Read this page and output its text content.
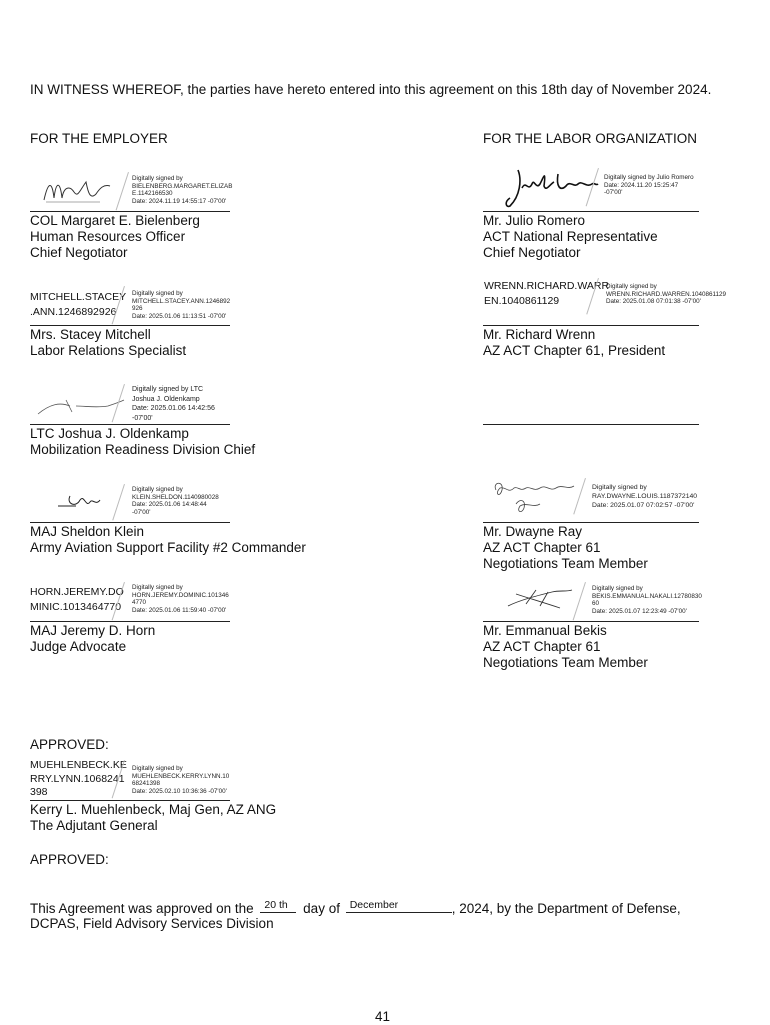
IN WITNESS WHEREOF, the parties have hereto entered into this agreement on this 18th day of November 2024.
FOR THE EMPLOYER	FOR THE LABOR ORGANIZATION
Digitally signed by
BIELENBERG.MARGARET.ELIZAB
E.1142166530
Date: 2024.11.19 14:55:17 -07'00'
COL Margaret E. Bielenberg
Human Resources Officer
Chief Negotiator
Digitally signed by Julio Romero
Date: 2024.11.20 15:25:47
-07'00'
Mr. Julio Romero
ACT National Representative
Chief Negotiator
MITCHELL.STACEY
.ANN.1246892926
Digitally signed by
MITCHELL.STACEY.ANN.1246892
926
Date: 2025.01.06 11:13:51 -07'00'
Mrs. Stacey Mitchell
Labor Relations Specialist
WRENN.RICHARD.WARR
EN.1040861129
Digitally signed by
WRENN.RICHARD.WARREN.1040861129
Date: 2025.01.08 07:01:38 -07'00'
Mr. Richard Wrenn
AZ ACT Chapter 61, President
Digitally signed by LTC
Joshua J. Oldenkamp
Date: 2025.01.06 14:42:56
-07'00'
LTC Joshua J. Oldenkamp
Mobilization Readiness Division Chief
Digitally signed by
KLEIN.SHELDON.1140980028
Date: 2025.01.06 14:48:44
-07'00'
MAJ Sheldon Klein
Army Aviation Support Facility #2 Commander
Digitally signed by
RAY.DWAYNE.LOUIS.1187372140
Date: 2025.01.07 07:02:57 -07'00'
Mr. Dwayne Ray
AZ ACT Chapter 61
Negotiations Team Member
HORN.JEREMY.DO
MINIC.1013464770
Digitally signed by
HORN.JEREMY.DOMINIC.101346
4770
Date: 2025.01.06 11:59:40 -07'00'
MAJ Jeremy D. Horn
Judge Advocate
Digitally signed by
BEKIS.EMMANUAL.NAKALI.12780830
60
Date: 2025.01.07 12:23:49 -07'00'
Mr. Emmanual Bekis
AZ ACT Chapter 61
Negotiations Team Member
APPROVED:
MUEHLENBECK.KE
RRY.LYNN.1068241
398
Digitally signed by
MUEHLENBECK.KERRY.LYNN.10
68241398
Date: 2025.02.10 10:36:36 -07'00'
Kerry L. Muehlenbeck, Maj Gen, AZ ANG
The Adjutant General
APPROVED:
This Agreement was approved on the 20 th day of December	, 2024, by the Department of Defense,
DCPAS, Field Advisory Services Division
41
